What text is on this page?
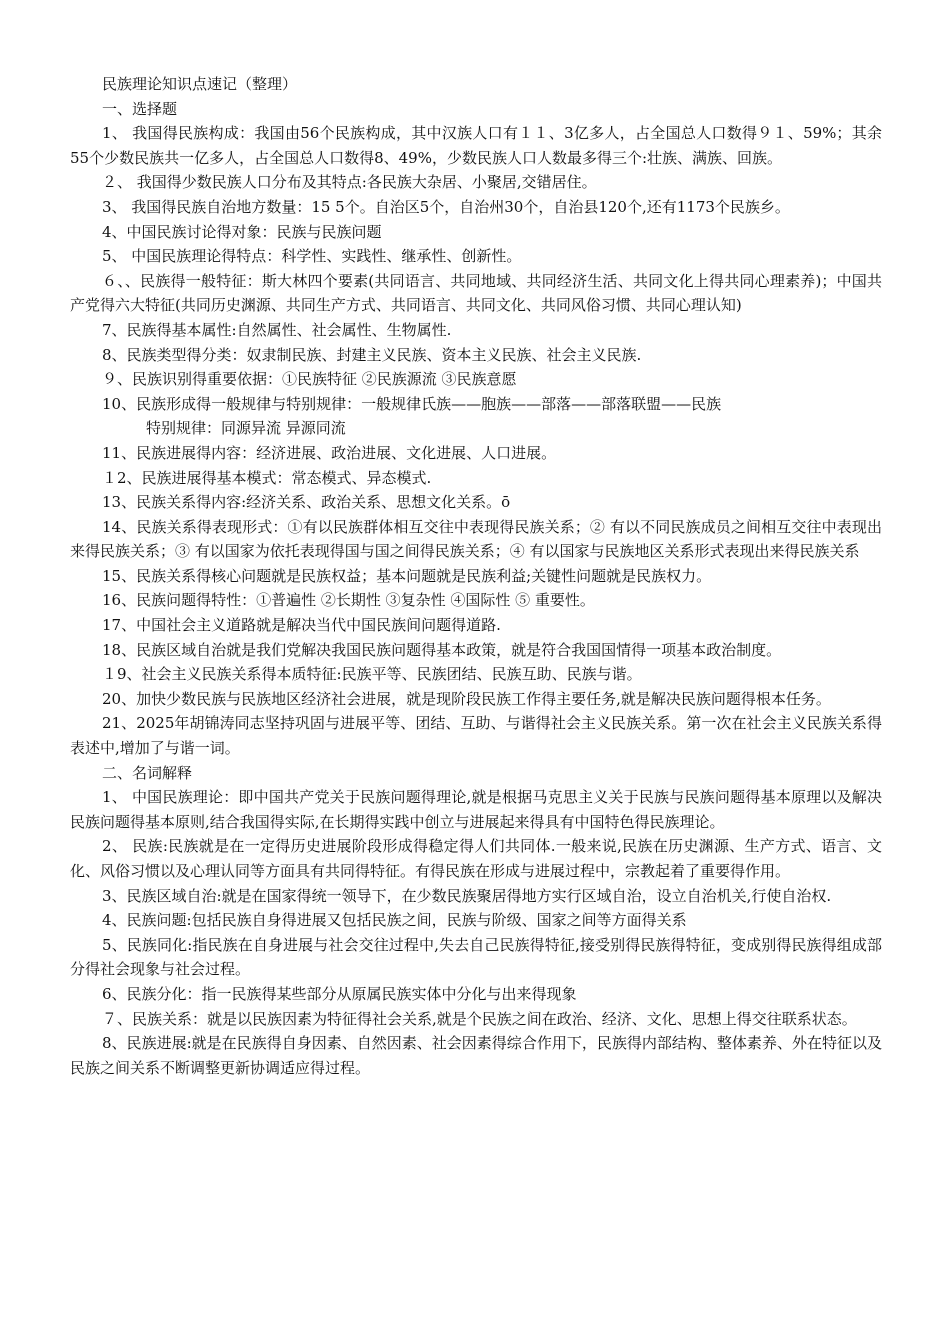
民族理论知识点速记（整理）

一、选择题

1、 我国得民族构成：我国由56个民族构成，其中汉族人口有１１、3亿多人，占全国总人口数得９１、59%；其余55个少数民族共一亿多人，占全国总人口数得8、49%，少数民族人口人数最多得三个:壮族、满族、回族。

２、 我国得少数民族人口分布及其特点:各民族大杂居、小聚居,交错居住。

3、 我国得民族自治地方数量：15 5个。自治区5个，自治州30个，自治县120个,还有1173个民族乡。

4、中国民族讨论得对象：民族与民族问题

5、 中国民族理论得特点：科学性、实践性、继承性、创新性。

６、、民族得一般特征：斯大林四个要素(共同语言、共同地域、共同经济生活、共同文化上得共同心理素养)；中国共产党得六大特征(共同历史渊源、共同生产方式、共同语言、共同文化、共同风俗习惯、共同心理认知)

7、民族得基本属性:自然属性、社会属性、生物属性.

8、民族类型得分类：奴隶制民族、封建主义民族、资本主义民族、社会主义民族.

９、民族识别得重要依据：①民族特征 ②民族源流 ③民族意愿

10、民族形成得一般规律与特别规律：一般规律氏族——胞族——部落——部落联盟——民族

特别规律：同源异流 异源同流

11、民族进展得内容：经济进展、政治进展、文化进展、人口进展。

１2、民族进展得基本模式：常态模式、异态模式.

13、民族关系得内容:经济关系、政治关系、思想文化关系。ō

14、民族关系得表现形式：①有以民族群体相互交往中表现得民族关系；② 有以不同民族成员之间相互交往中表现出来得民族关系；③ 有以国家为依托表现得国与国之间得民族关系；④ 有以国家与民族地区关系形式表现出来得民族关系

15、民族关系得核心问题就是民族权益；基本问题就是民族利益;关键性问题就是民族权力。

16、民族问题得特性：①普遍性 ②长期性 ③复杂性 ④国际性 ⑤ 重要性。

17、中国社会主义道路就是解决当代中国民族间问题得道路.

18、民族区域自治就是我们党解决我国民族问题得基本政策，就是符合我国国情得一项基本政治制度。

１9、社会主义民族关系得本质特征:民族平等、民族团结、民族互助、民族与谐。

20、加快少数民族与民族地区经济社会进展，就是现阶段民族工作得主要任务,就是解决民族问题得根本任务。

21、2025年胡锦涛同志坚持巩固与进展平等、团结、互助、与谐得社会主义民族关系。第一次在社会主义民族关系得表述中,增加了与谐一词。

二、名词解释

1、 中国民族理论：即中国共产党关于民族问题得理论,就是根据马克思主义关于民族与民族问题得基本原理以及解决民族问题得基本原则,结合我国得实际,在长期得实践中创立与进展起来得具有中国特色得民族理论。

2、 民族:民族就是在一定得历史进展阶段形成得稳定得人们共同体.一般来说,民族在历史渊源、生产方式、语言、文化、风俗习惯以及心理认同等方面具有共同得特征。有得民族在形成与进展过程中，宗教起着了重要得作用。

3、民族区域自治:就是在国家得统一领导下，在少数民族聚居得地方实行区域自治，设立自治机关,行使自治权.

4、民族问题:包括民族自身得进展又包括民族之间，民族与阶级、国家之间等方面得关系

5、民族同化:指民族在自身进展与社会交往过程中,失去自己民族得特征,接受别得民族得特征，变成别得民族得组成部分得社会现象与社会过程。

6、民族分化：指一民族得某些部分从原属民族实体中分化与出来得现象

７、民族关系：就是以民族因素为特征得社会关系,就是个民族之间在政治、经济、文化、思想上得交往联系状态。

8、民族进展:就是在民族得自身因素、自然因素、社会因素得综合作用下，民族得内部结构、整体素养、外在特征以及民族之间关系不断调整更新协调适应得过程。
